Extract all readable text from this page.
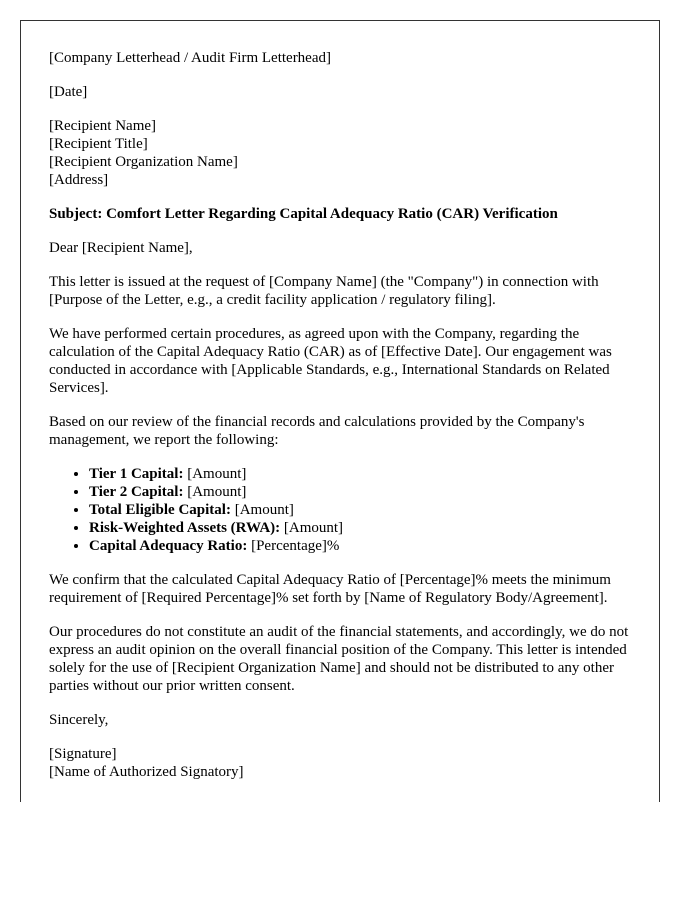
[Company Letterhead / Audit Firm Letterhead]

[Date]

[Recipient Name]
[Recipient Title]
[Recipient Organization Name]
[Address]

Subject: Comfort Letter Regarding Capital Adequacy Ratio (CAR) Verification

Dear [Recipient Name],

This letter is issued at the request of [Company Name] (the "Company") in connection with [Purpose of the Letter, e.g., a credit facility application / regulatory filing].

We have performed certain procedures, as agreed upon with the Company, regarding the calculation of the Capital Adequacy Ratio (CAR) as of [Effective Date]. Our engagement was conducted in accordance with [Applicable Standards, e.g., International Standards on Related Services].

Based on our review of the financial records and calculations provided by the Company's management, we report the following:

• Tier 1 Capital: [Amount]
• Tier 2 Capital: [Amount]
• Total Eligible Capital: [Amount]
• Risk-Weighted Assets (RWA): [Amount]
• Capital Adequacy Ratio: [Percentage]%

We confirm that the calculated Capital Adequacy Ratio of [Percentage]% meets the minimum requirement of [Required Percentage]% set forth by [Name of Regulatory Body/Agreement].

Our procedures do not constitute an audit of the financial statements, and accordingly, we do not express an audit opinion on the overall financial position of the Company. This letter is intended solely for the use of [Recipient Organization Name] and should not be distributed to any other parties without our prior written consent.

Sincerely,

[Signature]
[Name of Authorized Signatory]
